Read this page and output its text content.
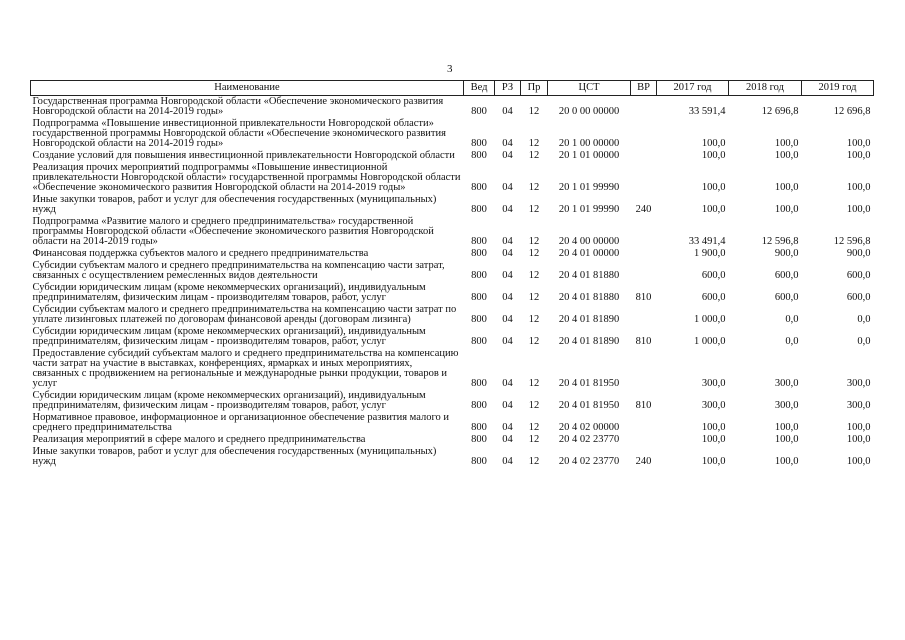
3
Наименование	Вед	РЗ	Пр	ЦСТ	ВР	2017 год	2018 год	2019 год
Государственная программа Новгородской области «Обеспечение экономического развития Новгородской области на 2014-2019 годы»	800	04	12	20 0 00 00000		33 591,4	12 696,8	12 696,8
Подпрограмма «Повышение инвестиционной привлекательности Новгородской области» государственной программы Новгородской области «Обеспечение экономического развития Новгородской области на 2014-2019 годы»	800	04	12	20 1 00 00000		100,0	100,0	100,0
Создание условий для повышения инвестиционной привлекательности Новгородской области	800	04	12	20 1 01 00000		100,0	100,0	100,0
Реализация прочих мероприятий подпрограммы «Повышение инвестиционной привлекательности Новгородской области» государственной программы Новгородской области «Обеспечение экономического развития Новгородской области на 2014-2019 годы»	800	04	12	20 1 01 99990		100,0	100,0	100,0
Иные закупки товаров, работ и услуг для обеспечения государственных (муниципальных) нужд	800	04	12	20 1 01 99990	240	100,0	100,0	100,0
Подпрограмма «Развитие малого и среднего предпринимательства» государственной программы Новгородской области «Обеспечение экономического развития Новгородской области на 2014-2019 годы»	800	04	12	20 4 00 00000		33 491,4	12 596,8	12 596,8
Финансовая поддержка субъектов малого и среднего предпринимательства	800	04	12	20 4 01 00000		1 900,0	900,0	900,0
Субсидии субъектам малого и среднего предпринимательства на компенсацию части затрат, связанных с осуществлением ремесленных видов деятельности	800	04	12	20 4 01 81880		600,0	600,0	600,0
Субсидии юридическим лицам (кроме некоммерческих организаций), индивидуальным предпринимателям, физическим лицам - производителям товаров, работ, услуг	800	04	12	20 4 01 81880	810	600,0	600,0	600,0
Субсидии субъектам малого и среднего предпринимательства на компенсацию части затрат по уплате лизинговых платежей по договорам финансовой аренды (договорам лизинга)	800	04	12	20 4 01 81890		1 000,0	0,0	0,0
Субсидии юридическим лицам (кроме некоммерческих организаций), индивидуальным предпринимателям, физическим лицам - производителям товаров, работ, услуг	800	04	12	20 4 01 81890	810	1 000,0	0,0	0,0
Предоставление субсидий субъектам малого и среднего предпринимательства на компенсацию части затрат на участие в выставках, конференциях, ярмарках и иных мероприятиях, связанных с продвижением на региональные и международные рынки продукции, товаров и услуг	800	04	12	20 4 01 81950		300,0	300,0	300,0
Субсидии юридическим лицам (кроме некоммерческих организаций), индивидуальным предпринимателям, физическим лицам - производителям товаров, работ, услуг	800	04	12	20 4 01 81950	810	300,0	300,0	300,0
Нормативное правовое, информационное и организационное обеспечение развития малого и среднего предпринимательства	800	04	12	20 4 02 00000		100,0	100,0	100,0
Реализация мероприятий в сфере малого и среднего предпринимательства	800	04	12	20 4 02 23770		100,0	100,0	100,0
Иные закупки товаров, работ и услуг для обеспечения государственных (муниципальных) нужд	800	04	12	20 4 02 23770	240	100,0	100,0	100,0
